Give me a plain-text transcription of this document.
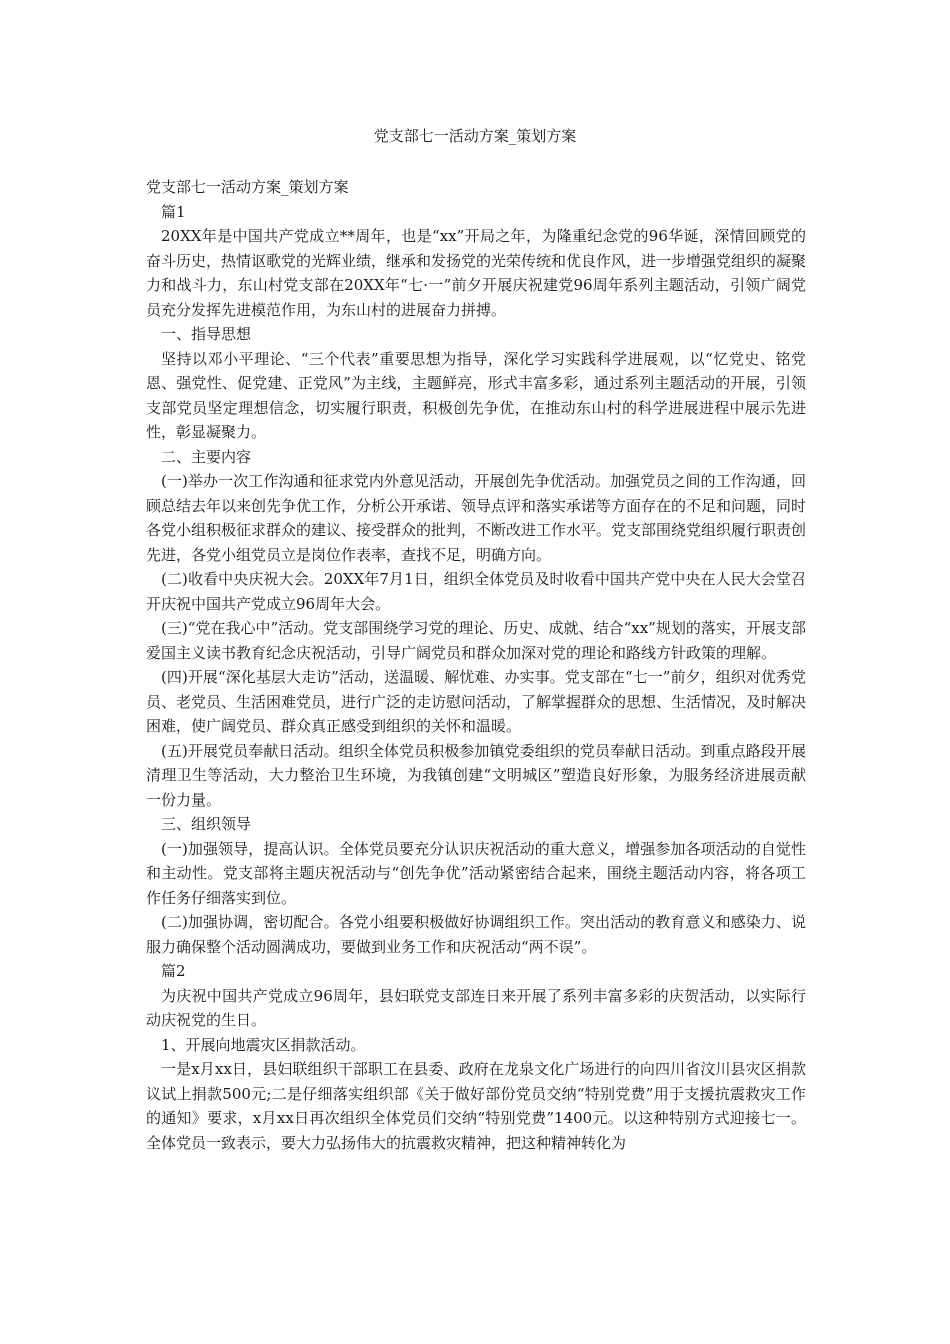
党支部七一活动方案_策划方案

党支部七一活动方案_策划方案

篇1

20XX年是中国共产党成立**周年，也是“xx”开局之年，为隆重纪念党的96华诞，深情回顾党的奋斗历史，热情讴歌党的光辉业绩，继承和发扬党的光荣传统和优良作风，进一步增强党组织的凝聚力和战斗力，东山村党支部在20XX年“七·一”前夕开展庆祝建党96周年系列主题活动，引领广阔党员充分发挥先进模范作用，为东山村的进展奋力拼搏。

一、指导思想

坚持以邓小平理论、“三个代表”重要思想为指导，深化学习实践科学进展观，以“忆党史、铭党恩、强党性、促党建、正党风”为主线，主题鲜亮，形式丰富多彩，通过系列主题活动的开展，引领支部党员坚定理想信念，切实履行职责，积极创先争优，在推动东山村的科学进展进程中展示先进性，彰显凝聚力。

二、主要内容

(一)举办一次工作沟通和征求党内外意见活动，开展创先争优活动。加强党员之间的工作沟通，回顾总结去年以来创先争优工作，分析公开承诺、领导点评和落实承诺等方面存在的不足和问题，同时各党小组积极征求群众的建议、接受群众的批判，不断改进工作水平。党支部围绕党组织履行职责创先进，各党小组党员立是岗位作表率，查找不足，明确方向。

(二)收看中央庆祝大会。20XX年7月1日，组织全体党员及时收看中国共产党中央在人民大会堂召开庆祝中国共产党成立96周年大会。

(三)“党在我心中”活动。党支部围绕学习党的理论、历史、成就、结合“xx”规划的落实，开展支部爱国主义读书教育纪念庆祝活动，引导广阔党员和群众加深对党的理论和路线方针政策的理解。

(四)开展“深化基层大走访”活动，送温暖、解忧难、办实事。党支部在“七一”前夕，组织对优秀党员、老党员、生活困难党员，进行广泛的走访慰问活动，了解掌握群众的思想、生活情况，及时解决困难，使广阔党员、群众真正感受到组织的关怀和温暖。

(五)开展党员奉献日活动。组织全体党员积极参加镇党委组织的党员奉献日活动。到重点路段开展清理卫生等活动，大力整治卫生环境，为我镇创建“文明城区”塑造良好形象，为服务经济进展贡献一份力量。

三、组织领导

(一)加强领导，提高认识。全体党员要充分认识庆祝活动的重大意义，增强参加各项活动的自觉性和主动性。党支部将主题庆祝活动与“创先争优”活动紧密结合起来，围绕主题活动内容，将各项工作任务仔细落实到位。

(二)加强协调，密切配合。各党小组要积极做好协调组织工作。突出活动的教育意义和感染力、说服力确保整个活动圆满成功，要做到业务工作和庆祝活动“两不误”。

篇2

为庆祝中国共产党成立96周年，县妇联党支部连日来开展了系列丰富多彩的庆贺活动，以实际行动庆祝党的生日。

1、开展向地震灾区捐款活动。

一是x月xx日，县妇联组织干部职工在县委、政府在龙泉文化广场进行的向四川省汶川县灾区捐款议试上捐款500元;二是仔细落实组织部《关于做好部份党员交纳“特别党费”用于支援抗震救灾工作的通知》要求，x月xx日再次组织全体党员们交纳“特别党费”1400元。以这种特别方式迎接七一。全体党员一致表示，要大力弘扬伟大的抗震救灾精神，把这种精神转化为
